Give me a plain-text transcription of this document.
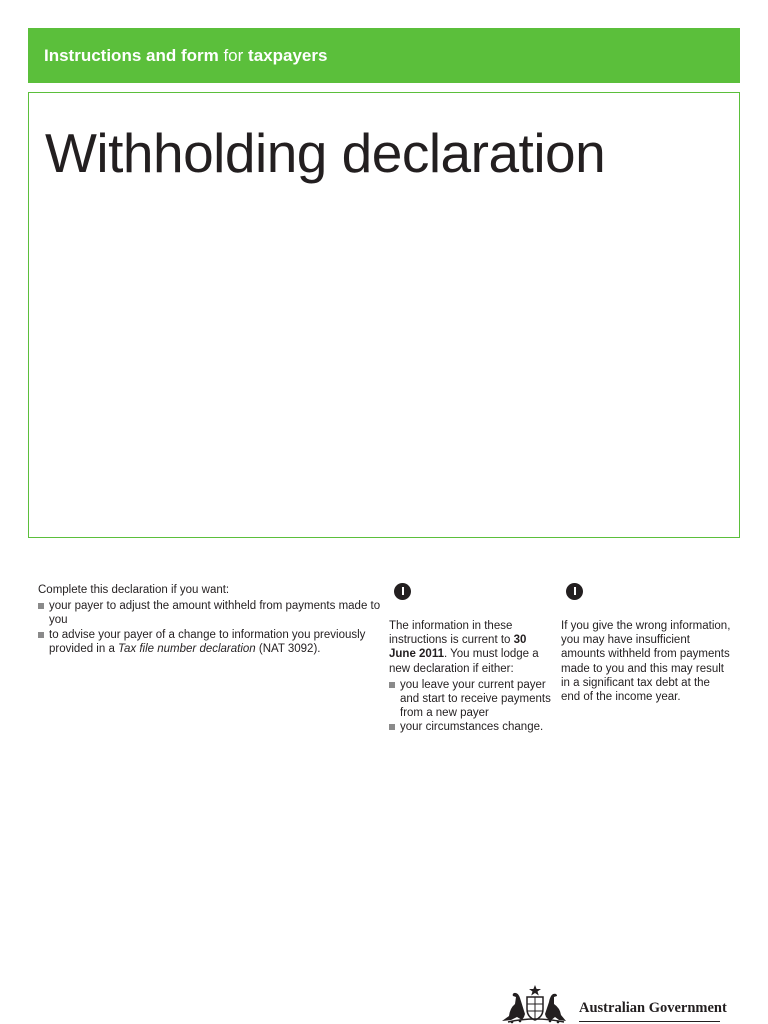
Instructions and form for taxpayers
Withholding declaration

Complete this declaration if you want:

your payer to adjust the amount withheld from payments made to you
to advise your payer of a change to information you previously provided in a Tax file number declaration (NAT 3092).

The information in these instructions is current to 30 June 2011. You must lodge a new declaration if either:

you leave your current payer and start to receive payments from a new payer
your circumstances change.

If you give the wrong information, you may have insufficient amounts withheld from payments made to you and this may result in a significant tax debt at the end of the income year.

Australian Government
